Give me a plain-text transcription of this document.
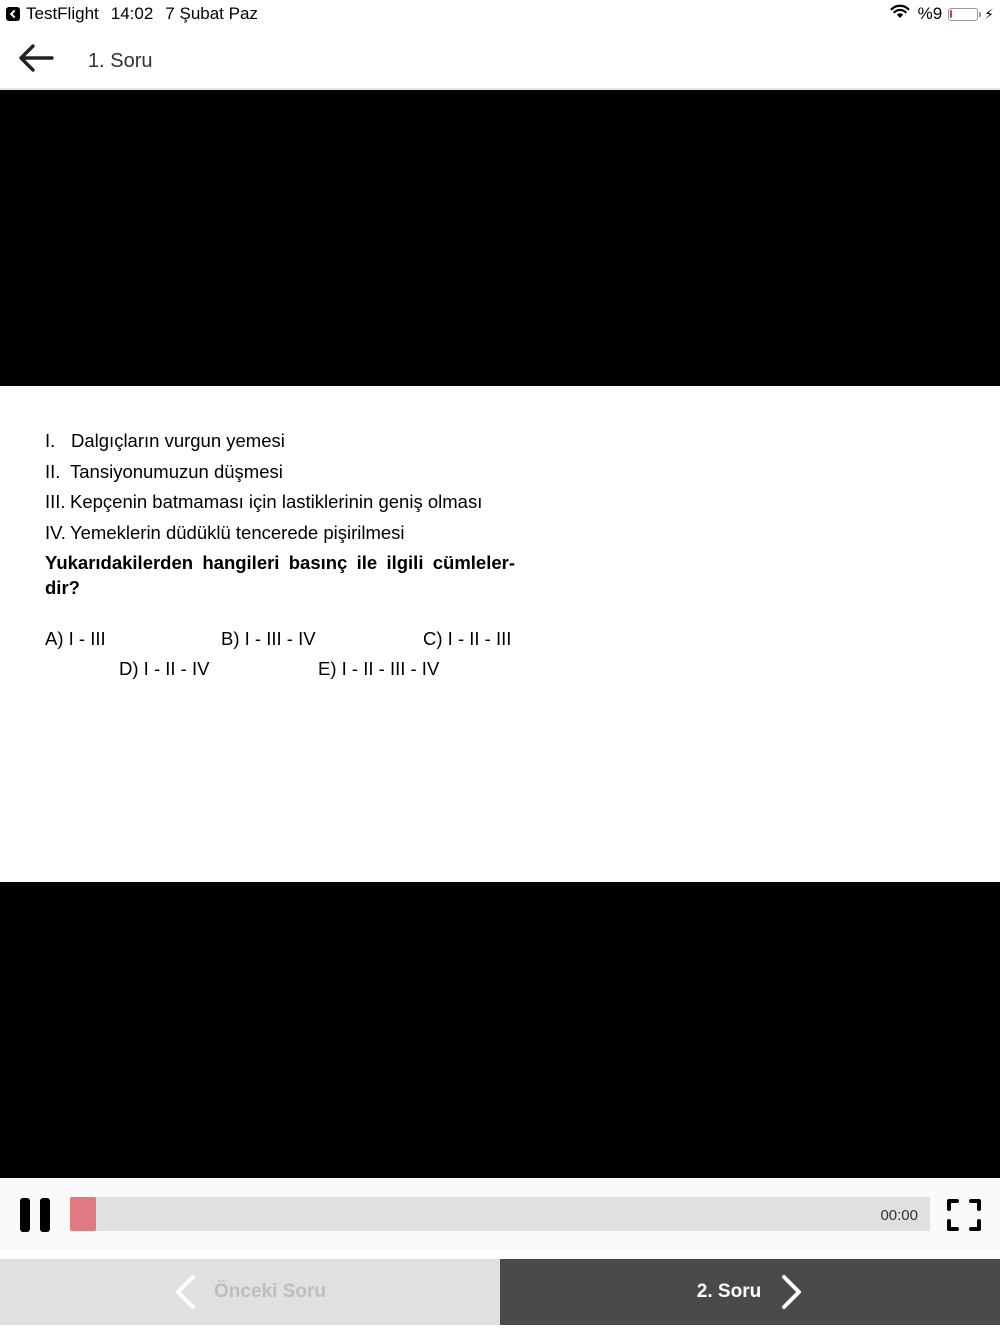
TestFlight 14:02 7 Şubat Paz	%9	⚡
1. Soru
I. Dalgıçların vurgun yemesi
II. Tansiyonumuzun düşmesi
III. Kepçenin batmaması için lastiklerinin geniş olması
IV. Yemeklerin düdüklü tencerede pişirilmesi
Yukarıdakilerden hangileri basınç ile ilgili cümleler-dir?
A) I - III	B) I - III - IV	C) I - II - III
D) I - II - IV	E) I - II - III - IV
00:00
Önceki Soru	2. Soru
